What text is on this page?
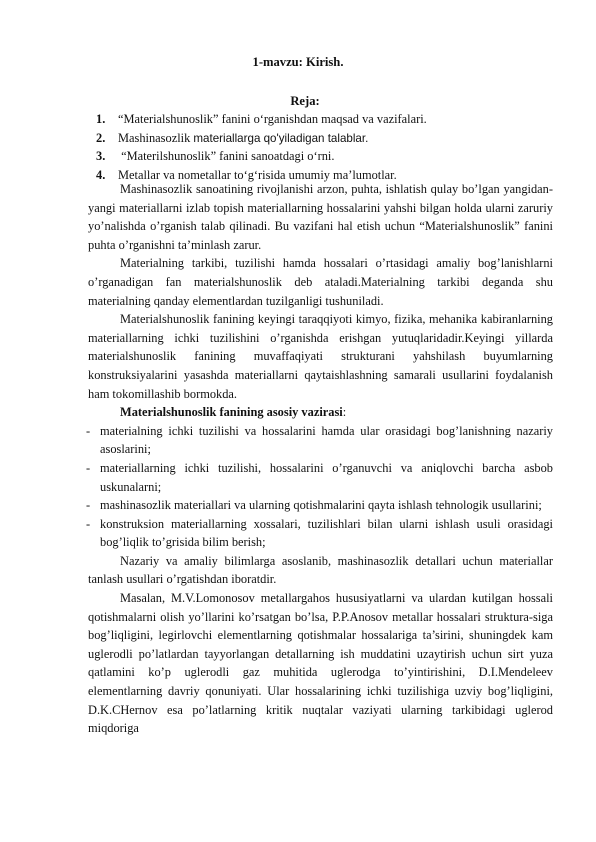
1-mavzu: Kirish.
Reja:
1. “Materialshunoslik” fanini o‘rganishdan maqsad va vazifalari.
2. Mashinasozlik materiallarga qo'yiladigan talablar.
3. “Materilshunoslik” fanini sanoatdagi o‘rni.
4. Metallar va nometallar to‘g‘risida umumiy ma’lumotlar.

Mashinasozlik sanoatining rivojlanishi arzon, puhta, ishlatish qulay bo’lgan yangidan- yangi materiallarni izlab topish materiallarning hossalarini yahshi bilgan holda ularni zaruriy yo’nalishda o’rganish talab qilinadi. Bu vazifani hal etish uchun “Materialshunoslik” fanini puhta o’rganishni ta’minlash zarur.

Materialning tarkibi, tuzilishi hamda hossalari o’rtasidagi amaliy bog’lanishlarni o’rganadigan fan materialshunoslik deb ataladi.Materialning tarkibi deganda shu materialning qanday elementlardan tuzilganligi tushuniladi.

Materialshunoslik fanining keyingi taraqqiyoti kimyo, fizika, mehanika kabiranlarning materiallarning ichki tuzilishini o’rganishda erishgan yutuqlaridadir.Keyingi yillarda materialshunoslik fanining muvaffaqiyati strukturani yahshilash buyumlarning konstruksiyalarini yasashda materiallarni qaytaishlashning samarali usullarini foydalanish ham tokomillashib bormokda.

Materialshunoslik fanining asosiy vazirasi:

- materialning ichki tuzilishi va hossalarini hamda ular orasidagi bog’lanishning nazariy asoslarini;
- materiallarning ichki tuzilishi, hossalarini o’rganuvchi va aniqlovchi barcha asbob uskunalarni;
- mashinasozlik materiallari va ularning qotishmalarini qayta ishlash tehnologik usullarini;
- konstruksion materiallarning xossalari, tuzilishlari bilan ularni ishlash usuli orasidagi bog’liqlik to’grisida bilim berish;

Nazariy va amaliy bilimlarga asoslanib, mashinasozlik detallari uchun materiallar tanlash usullari o’rgatishdan iboratdir.

Masalan, M.V.Lomonosov metallargahos hususiyatlarni va ulardan kutilgan hossali qotishmalarni olish yo’llarini ko’rsatgan bo’lsa, P.P.Anosov metallar hossalari struktura-siga bog’liqligini, legirlovchi elementlarning qotishmalar hossalariga ta’sirini, shuningdek kam uglerodli po’latlardan tayyorlangan detallarning ish muddatini uzaytirish uchun sirt yuza qatlamini ko’p uglerodli gaz muhitida uglerodga to’yintirishini, D.I.Mendeleev elementlarning davriy qonuniyati. Ular hossalarining ichki tuzilishiga uzviy bog’liqligini, D.K.CHernov esa po’latlarning kritik nuqtalar vaziyati ularning tarkibidagi uglerod miqdoriga
